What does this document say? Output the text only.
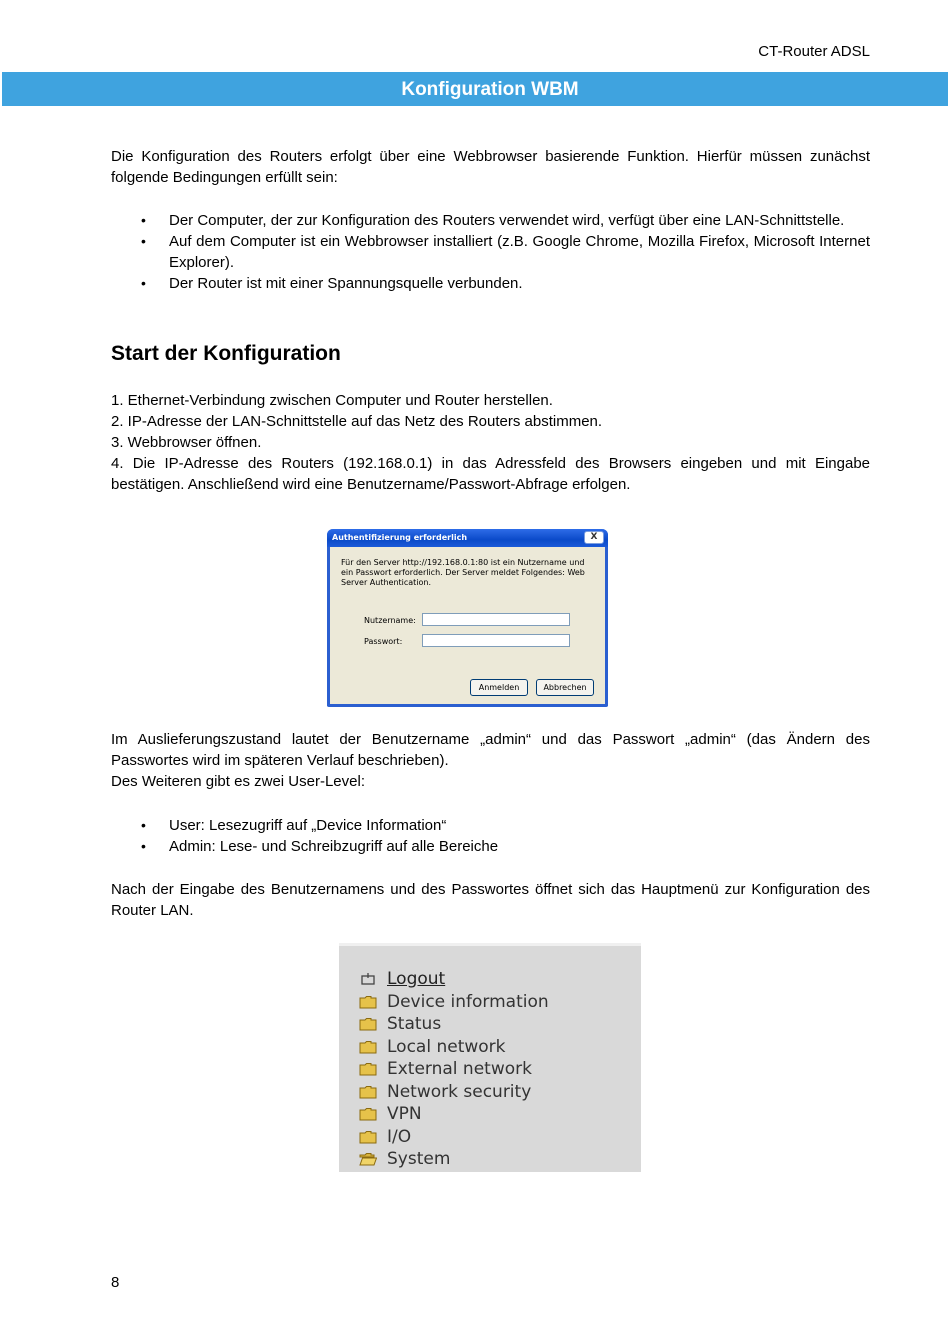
CT-Router ADSL
Konfiguration WBM

Die Konfiguration des Routers erfolgt über eine Webbrowser basierende Funktion. Hierfür müssen zunächst folgende Bedingungen erfüllt sein:

• Der Computer, der zur Konfiguration des Routers verwendet wird, verfügt über eine LAN-Schnittstelle.
• Auf dem Computer ist ein Webbrowser installiert (z.B. Google Chrome, Mozilla Firefox, Microsoft Internet Explorer).
• Der Router ist mit einer Spannungsquelle verbunden.
Start der Konfiguration
1. Ethernet-Verbindung zwischen Computer und Router herstellen.
2. IP-Adresse der LAN-Schnittstelle auf das Netz des Routers abstimmen.
3. Webbrowser öffnen.
4. Die IP-Adresse des Routers (192.168.0.1) in das Adressfeld des Browsers eingeben und mit Eingabe bestätigen. Anschließend wird eine Benutzername/Passwort-Abfrage erfolgen.
Authentifizierung erforderlich	X
Für den Server http://192.168.0.1:80 ist ein Nutzername und ein Passwort erforderlich. Der Server meldet Folgendes: Web Server Authentication.
Nutzername:
Passwort:
Anmelden	Abbrechen

Im Auslieferungszustand lautet der Benutzername „admin“ und das Passwort „admin“ (das Ändern des Passwortes wird im späteren Verlauf beschrieben).

Des Weiteren gibt es zwei User-Level:

• User: Lesezugriff auf „Device Information“
• Admin: Lese- und Schreibzugriff auf alle Bereiche

Nach der Eingabe des Benutzernamens und des Passwortes öffnet sich das Hauptmenü zur Konfiguration des Router LAN.

Logout
Device information
Status
Local network
External network
Network security
VPN
I/O
System
8
